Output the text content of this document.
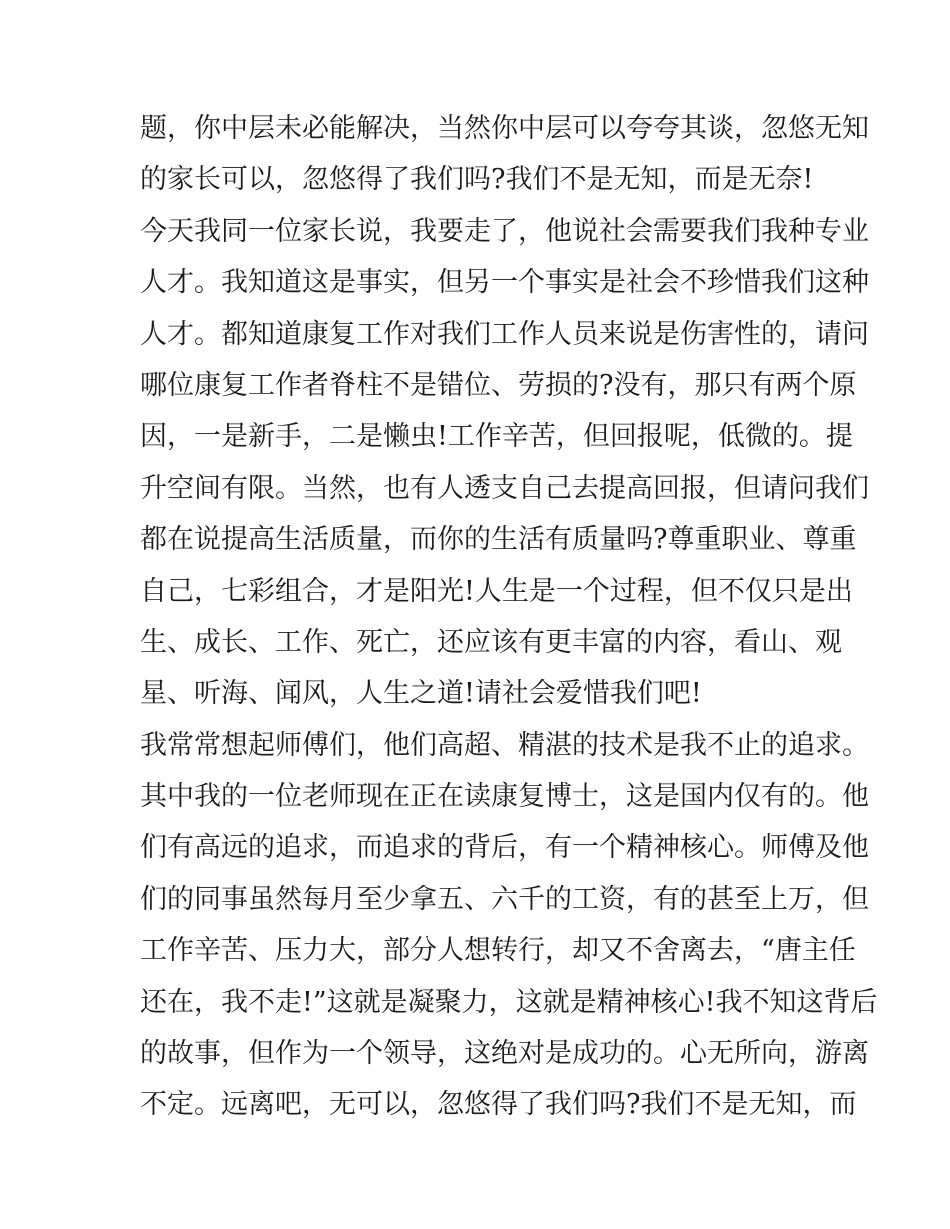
题，你中层未必能解决，当然你中层可以夸夸其谈，忽悠无知
的家长可以，忽悠得了我们吗?我们不是无知，而是无奈!
今天我同一位家长说，我要走了，他说社会需要我们我种专业
人才。我知道这是事实，但另一个事实是社会不珍惜我们这种
人才。都知道康复工作对我们工作人员来说是伤害性的，请问
哪位康复工作者脊柱不是错位、劳损的?没有，那只有两个原
因，一是新手，二是懒虫!工作辛苦，但回报呢，低微的。提
升空间有限。当然，也有人透支自己去提高回报，但请问我们
都在说提高生活质量，而你的生活有质量吗?尊重职业、尊重
自己，七彩组合，才是阳光!人生是一个过程，但不仅只是出
生、成长、工作、死亡，还应该有更丰富的内容，看山、观
星、听海、闻风，人生之道!请社会爱惜我们吧!
我常常想起师傅们，他们高超、精湛的技术是我不止的追求。
其中我的一位老师现在正在读康复博士，这是国内仅有的。他
们有高远的追求，而追求的背后，有一个精神核心。师傅及他
们的同事虽然每月至少拿五、六千的工资，有的甚至上万，但
工作辛苦、压力大，部分人想转行，却又不舍离去，“唐主任
还在，我不走!”这就是凝聚力，这就是精神核心!我不知这背后
的故事，但作为一个领导，这绝对是成功的。心无所向，游离
不定。远离吧，无可以，忽悠得了我们吗?我们不是无知，而
